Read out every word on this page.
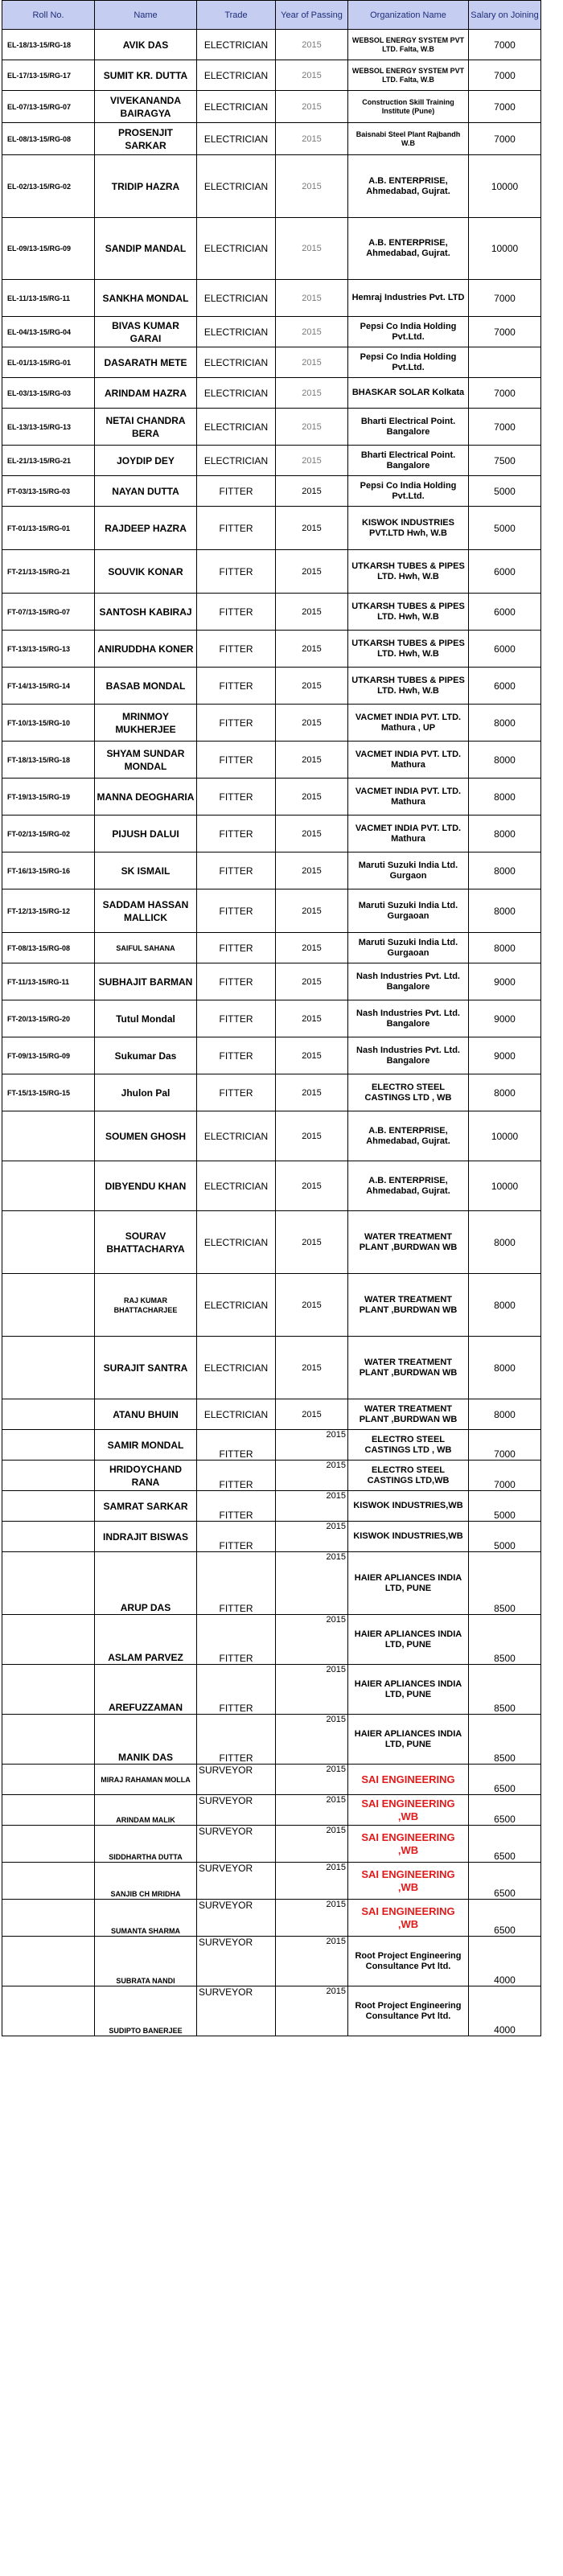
Roll No.	Name	Trade	Year of Passing	Organization Name	Salary on Joining
EL-18/13-15/RG-18	AVIK DAS	ELECTRICIAN	2015	WEBSOL ENERGY SYSTEM PVT LTD. Falta, W.B	7000
EL-17/13-15/RG-17	SUMIT KR. DUTTA	ELECTRICIAN	2015	WEBSOL ENERGY SYSTEM PVT LTD. Falta, W.B	7000
EL-07/13-15/RG-07	VIVEKANANDA BAIRAGYA	ELECTRICIAN	2015	Construction Skill Training Institute (Pune)	7000
EL-08/13-15/RG-08	PROSENJIT SARKAR	ELECTRICIAN	2015	Baisnabi Steel Plant Rajbandh W.B	7000
EL-02/13-15/RG-02	TRIDIP HAZRA	ELECTRICIAN	2015	A.B. ENTERPRISE, Ahmedabad, Gujrat.	10000
EL-09/13-15/RG-09	SANDIP MANDAL	ELECTRICIAN	2015	A.B. ENTERPRISE, Ahmedabad, Gujrat.	10000
EL-11/13-15/RG-11	SANKHA MONDAL	ELECTRICIAN	2015	Hemraj Industries Pvt. LTD	7000
EL-04/13-15/RG-04	BIVAS KUMAR GARAI	ELECTRICIAN	2015	Pepsi Co India Holding Pvt.Ltd.	7000
EL-01/13-15/RG-01	DASARATH METE	ELECTRICIAN	2015	Pepsi Co India Holding Pvt.Ltd.	
EL-03/13-15/RG-03	ARINDAM HAZRA	ELECTRICIAN	2015	BHASKAR SOLAR Kolkata	7000
EL-13/13-15/RG-13	NETAI CHANDRA BERA	ELECTRICIAN	2015	Bharti Electrical Point. Bangalore	7000
EL-21/13-15/RG-21	JOYDIP DEY	ELECTRICIAN	2015	Bharti Electrical Point. Bangalore	7500
FT-03/13-15/RG-03	NAYAN DUTTA	FITTER	2015	Pepsi Co India Holding Pvt.Ltd.	5000
FT-01/13-15/RG-01	RAJDEEP HAZRA	FITTER	2015	KISWOK INDUSTRIES PVT.LTD Hwh, W.B	5000
FT-21/13-15/RG-21	SOUVIK KONAR	FITTER	2015	UTKARSH TUBES & PIPES LTD. Hwh, W.B	6000
FT-07/13-15/RG-07	SANTOSH KABIRAJ	FITTER	2015	UTKARSH TUBES & PIPES LTD. Hwh, W.B	6000
FT-13/13-15/RG-13	ANIRUDDHA KONER	FITTER	2015	UTKARSH TUBES & PIPES LTD. Hwh, W.B	6000
FT-14/13-15/RG-14	BASAB MONDAL	FITTER	2015	UTKARSH TUBES & PIPES LTD. Hwh, W.B	6000
FT-10/13-15/RG-10	MRINMOY MUKHERJEE	FITTER	2015	VACMET INDIA PVT. LTD. Mathura , UP	8000
FT-18/13-15/RG-18	SHYAM SUNDAR MONDAL	FITTER	2015	VACMET INDIA PVT. LTD. Mathura	8000
FT-19/13-15/RG-19	MANNA DEOGHARIA	FITTER	2015	VACMET INDIA PVT. LTD. Mathura	8000
FT-02/13-15/RG-02	PIJUSH DALUI	FITTER	2015	VACMET INDIA PVT. LTD. Mathura	8000
FT-16/13-15/RG-16	SK ISMAIL	FITTER	2015	Maruti Suzuki India Ltd. Gurgaon	8000
FT-12/13-15/RG-12	SADDAM HASSAN MALLICK	FITTER	2015	Maruti Suzuki India Ltd. Gurgaoan	8000
FT-08/13-15/RG-08	SAIFUL SAHANA	FITTER	2015	Maruti Suzuki India Ltd. Gurgaoan	8000
FT-11/13-15/RG-11	SUBHAJIT BARMAN	FITTER	2015	Nash Industries Pvt. Ltd. Bangalore	9000
FT-20/13-15/RG-20	Tutul Mondal	FITTER	2015	Nash Industries Pvt. Ltd. Bangalore	9000
FT-09/13-15/RG-09	Sukumar Das	FITTER	2015	Nash Industries Pvt. Ltd. Bangalore	9000
FT-15/13-15/RG-15	Jhulon Pal	FITTER	2015	ELECTRO STEEL CASTINGS LTD , WB	8000
	SOUMEN GHOSH	ELECTRICIAN	2015	A.B. ENTERPRISE, Ahmedabad, Gujrat.	10000
	DIBYENDU KHAN	ELECTRICIAN	2015	A.B. ENTERPRISE, Ahmedabad, Gujrat.	10000
	SOURAV BHATTACHARYA	ELECTRICIAN	2015	WATER TREATMENT PLANT ,BURDWAN WB	8000
	RAJ KUMAR BHATTACHARJEE	ELECTRICIAN	2015	WATER TREATMENT PLANT ,BURDWAN WB	8000
	SURAJIT SANTRA	ELECTRICIAN	2015	WATER TREATMENT PLANT ,BURDWAN WB	8000
	ATANU BHUIN	ELECTRICIAN	2015	WATER TREATMENT PLANT ,BURDWAN WB	8000
	SAMIR MONDAL	FITTER	2015	ELECTRO STEEL CASTINGS LTD , WB	7000
	HRIDOYCHAND RANA	FITTER	2015	ELECTRO STEEL CASTINGS LTD,WB	7000
	SAMRAT SARKAR	FITTER	2015	KISWOK INDUSTRIES,WB	5000
	INDRAJIT BISWAS	FITTER	2015	KISWOK INDUSTRIES,WB	5000
	ARUP DAS	FITTER	2015	HAIER APLIANCES INDIA LTD, PUNE	8500
	ASLAM PARVEZ	FITTER	2015	HAIER APLIANCES INDIA LTD, PUNE	8500
	AREFUZZAMAN	FITTER	2015	HAIER APLIANCES INDIA LTD, PUNE	8500
	MANIK DAS	FITTER	2015	HAIER APLIANCES INDIA LTD, PUNE	8500
	MIRAJ RAHAMAN MOLLA	SURVEYOR	2015	SAI ENGINEERING	6500
	ARINDAM MALIK	SURVEYOR	2015	SAI ENGINEERING ,WB	6500
	SIDDHARTHA DUTTA	SURVEYOR	2015	SAI ENGINEERING ,WB	6500
	SANJIB CH MRIDHA	SURVEYOR	2015	SAI ENGINEERING ,WB	6500
	SUMANTA SHARMA	SURVEYOR	2015	SAI ENGINEERING ,WB	6500
	SUBRATA NANDI	SURVEYOR	2015	Root Project Engineering Consultance Pvt ltd.	4000
	SUDIPTO BANERJEE	SURVEYOR	2015	Root Project Engineering Consultance Pvt ltd.	4000
